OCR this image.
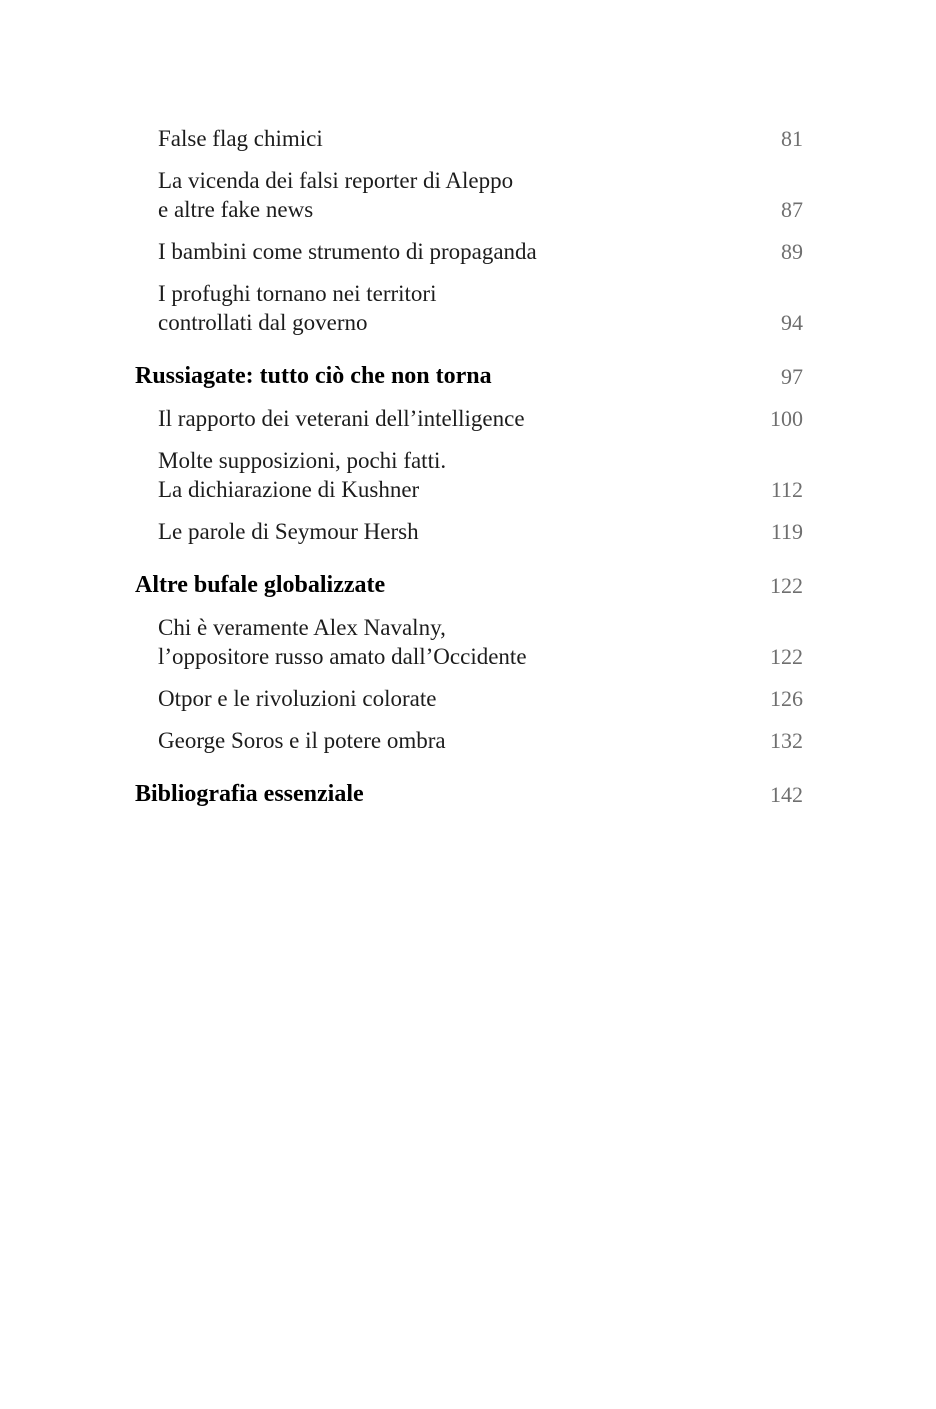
False flag chimici	81
La vicenda dei falsi reporter di Aleppo
e altre fake news	87
I bambini come strumento di propaganda	89
I profughi tornano nei territori
controllati dal governo	94
Russiagate: tutto ciò che non torna	97
Il rapporto dei veterani dell’intelligence	100
Molte supposizioni, pochi fatti.
La dichiarazione di Kushner	112
Le parole di Seymour Hersh	119
Altre bufale globalizzate	122
Chi è veramente Alex Navalny,
l’oppositore russo amato dall’Occidente	122
Otpor e le rivoluzioni colorate	126
George Soros e il potere ombra	132
Bibliografia essenziale	142
